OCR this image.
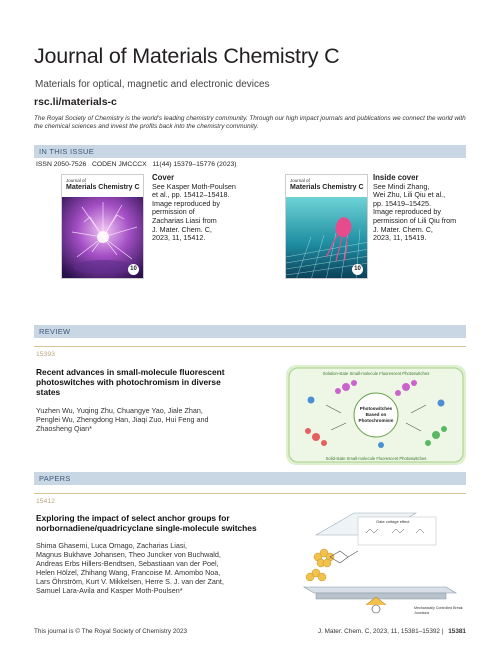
Journal of Materials Chemistry C
Materials for optical, magnetic and electronic devices
rsc.li/materials-c

The Royal Society of Chemistry is the world’s leading chemistry community. Through our high impact journals and publications we connect the world with the chemical sciences and invest the profits back into the chemistry community.

IN THIS ISSUE
ISSN 2050-7526 CODEN JMCCCX 11(44) 15379–15776 (2023)
Journal of
Materials Chemistry C
10
Cover
See Kasper Moth-Poulsen
et al., pp. 15412–15418.
Image reproduced by
permission of
Zacharias Liasi from
J. Mater. Chem. C,
2023, 11, 15412.
Journal of
Materials Chemistry C
10
Inside cover
See Mindi Zhang,
Wei Zhu, Lili Qiu et al.,
pp. 15419–15425.
Image reproduced by
permission of Lili Qiu from
J. Mater. Chem. C,
2023, 11, 15419.
REVIEW
15393
Recent advances in small-molecule fluorescent
photoswitches with photochromism in diverse
states
Yuzhen Wu, Yuqing Zhu, Chuangye Yao, Jiale Zhan,
Penglei Wu, Zhengdong Han, Jiaqi Zuo, Hui Feng and
Zhaosheng Qian*
Solution-state Small-molecule Fluorescent Photoswitches
Solid-state Small-molecule Fluorescent Photoswitches
Photoswitches
Based on
Photochromism
PAPERS
15412
Exploring the impact of select anchor groups for
norbornadiene/quadricyclane single-molecule switches
Shima Ghasemi, Luca Ornago, Zacharias Liasi,
Magnus Bukhave Johansen, Theo Juncker von Buchwald,
Andreas Erbs Hillers-Bendtsen, Sebastiaan van der Poel,
Helen Hölzel, Zhihang Wang, Francoise M. Amombo Noa,
Lars Öhrström, Kurt V. Mikkelsen, Herre S. J. van der Zant,
Samuel Lara-Avila and Kasper Moth-Poulsen*
Gate voltage effect
Mechanically Controlled Break
Junctions
This journal is © The Royal Society of Chemistry 2023	J. Mater. Chem. C, 2023, 11, 15381–15392 | 15381
